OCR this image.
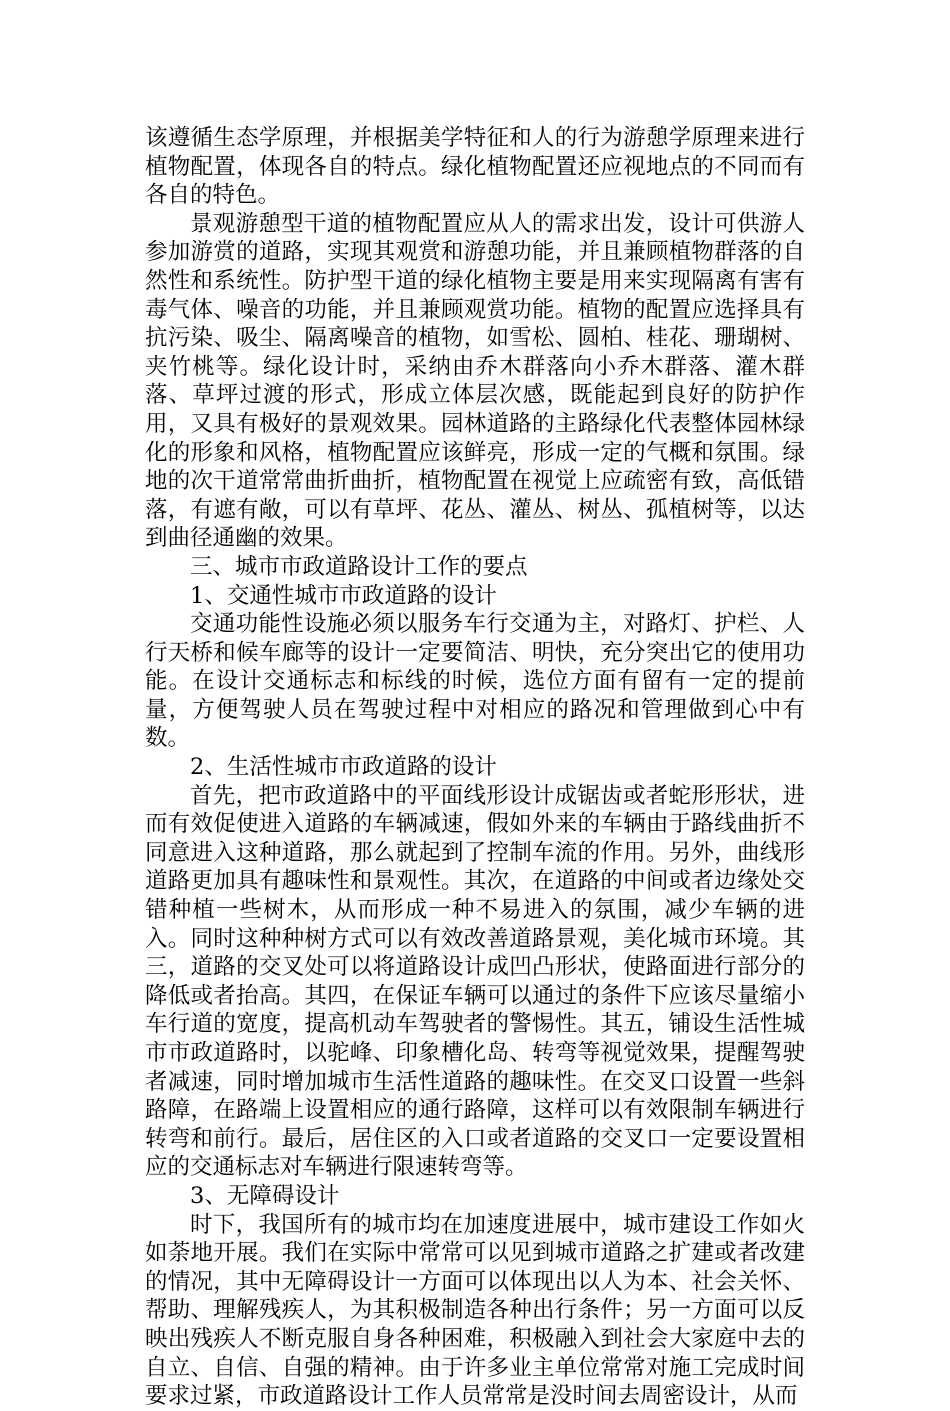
该遵循生态学原理，并根据美学特征和人的行为游憩学原理来进行植物配置，体现各自的特点。绿化植物配置还应视地点的不同而有各自的特色。

景观游憩型干道的植物配置应从人的需求出发，设计可供游人参加游赏的道路，实现其观赏和游憩功能，并且兼顾植物群落的自然性和系统性。防护型干道的绿化植物主要是用来实现隔离有害有毒气体、噪音的功能，并且兼顾观赏功能。植物的配置应选择具有抗污染、吸尘、隔离噪音的植物，如雪松、圆柏、桂花、珊瑚树、夹竹桃等。绿化设计时，采纳由乔木群落向小乔木群落、灌木群落、草坪过渡的形式，形成立体层次感，既能起到良好的防护作用，又具有极好的景观效果。园林道路的主路绿化代表整体园林绿化的形象和风格，植物配置应该鲜亮，形成一定的气概和氛围。绿地的次干道常常曲折曲折，植物配置在视觉上应疏密有致，高低错落，有遮有敞，可以有草坪、花丛、灌丛、树丛、孤植树等，以达到曲径通幽的效果。

三、城市市政道路设计工作的要点

1、交通性城市市政道路的设计

交通功能性设施必须以服务车行交通为主，对路灯、护栏、人行天桥和候车廊等的设计一定要简洁、明快，充分突出它的使用功能。在设计交通标志和标线的时候，选位方面有留有一定的提前量，方便驾驶人员在驾驶过程中对相应的路况和管理做到心中有数。

2、生活性城市市政道路的设计

首先，把市政道路中的平面线形设计成锯齿或者蛇形形状，进而有效促使进入道路的车辆减速，假如外来的车辆由于路线曲折不同意进入这种道路，那么就起到了控制车流的作用。另外，曲线形道路更加具有趣味性和景观性。其次，在道路的中间或者边缘处交错种植一些树木，从而形成一种不易进入的氛围，减少车辆的进入。同时这种种树方式可以有效改善道路景观，美化城市环境。其三，道路的交叉处可以将道路设计成凹凸形状，使路面进行部分的降低或者抬高。其四，在保证车辆可以通过的条件下应该尽量缩小车行道的宽度，提高机动车驾驶者的警惕性。其五，铺设生活性城市市政道路时，以驼峰、印象槽化岛、转弯等视觉效果，提醒驾驶者减速，同时增加城市生活性道路的趣味性。在交叉口设置一些斜路障，在路端上设置相应的通行路障，这样可以有效限制车辆进行转弯和前行。最后，居住区的入口或者道路的交叉口一定要设置相应的交通标志对车辆进行限速转弯等。

3、无障碍设计

时下，我国所有的城市均在加速度进展中，城市建设工作如火如荼地开展。我们在实际中常常可以见到城市道路之扩建或者改建的情况，其中无障碍设计一方面可以体现出以人为本、社会关怀、帮助、理解残疾人，为其积极制造各种出行条件；另一方面可以反映出残疾人不断克服自身各种困难，积极融入到社会大家庭中去的自立、自信、自强的精神。由于许多业主单位常常对施工完成时间要求过紧，市政道路设计工作人员常常是没时间去周密设计，从而
